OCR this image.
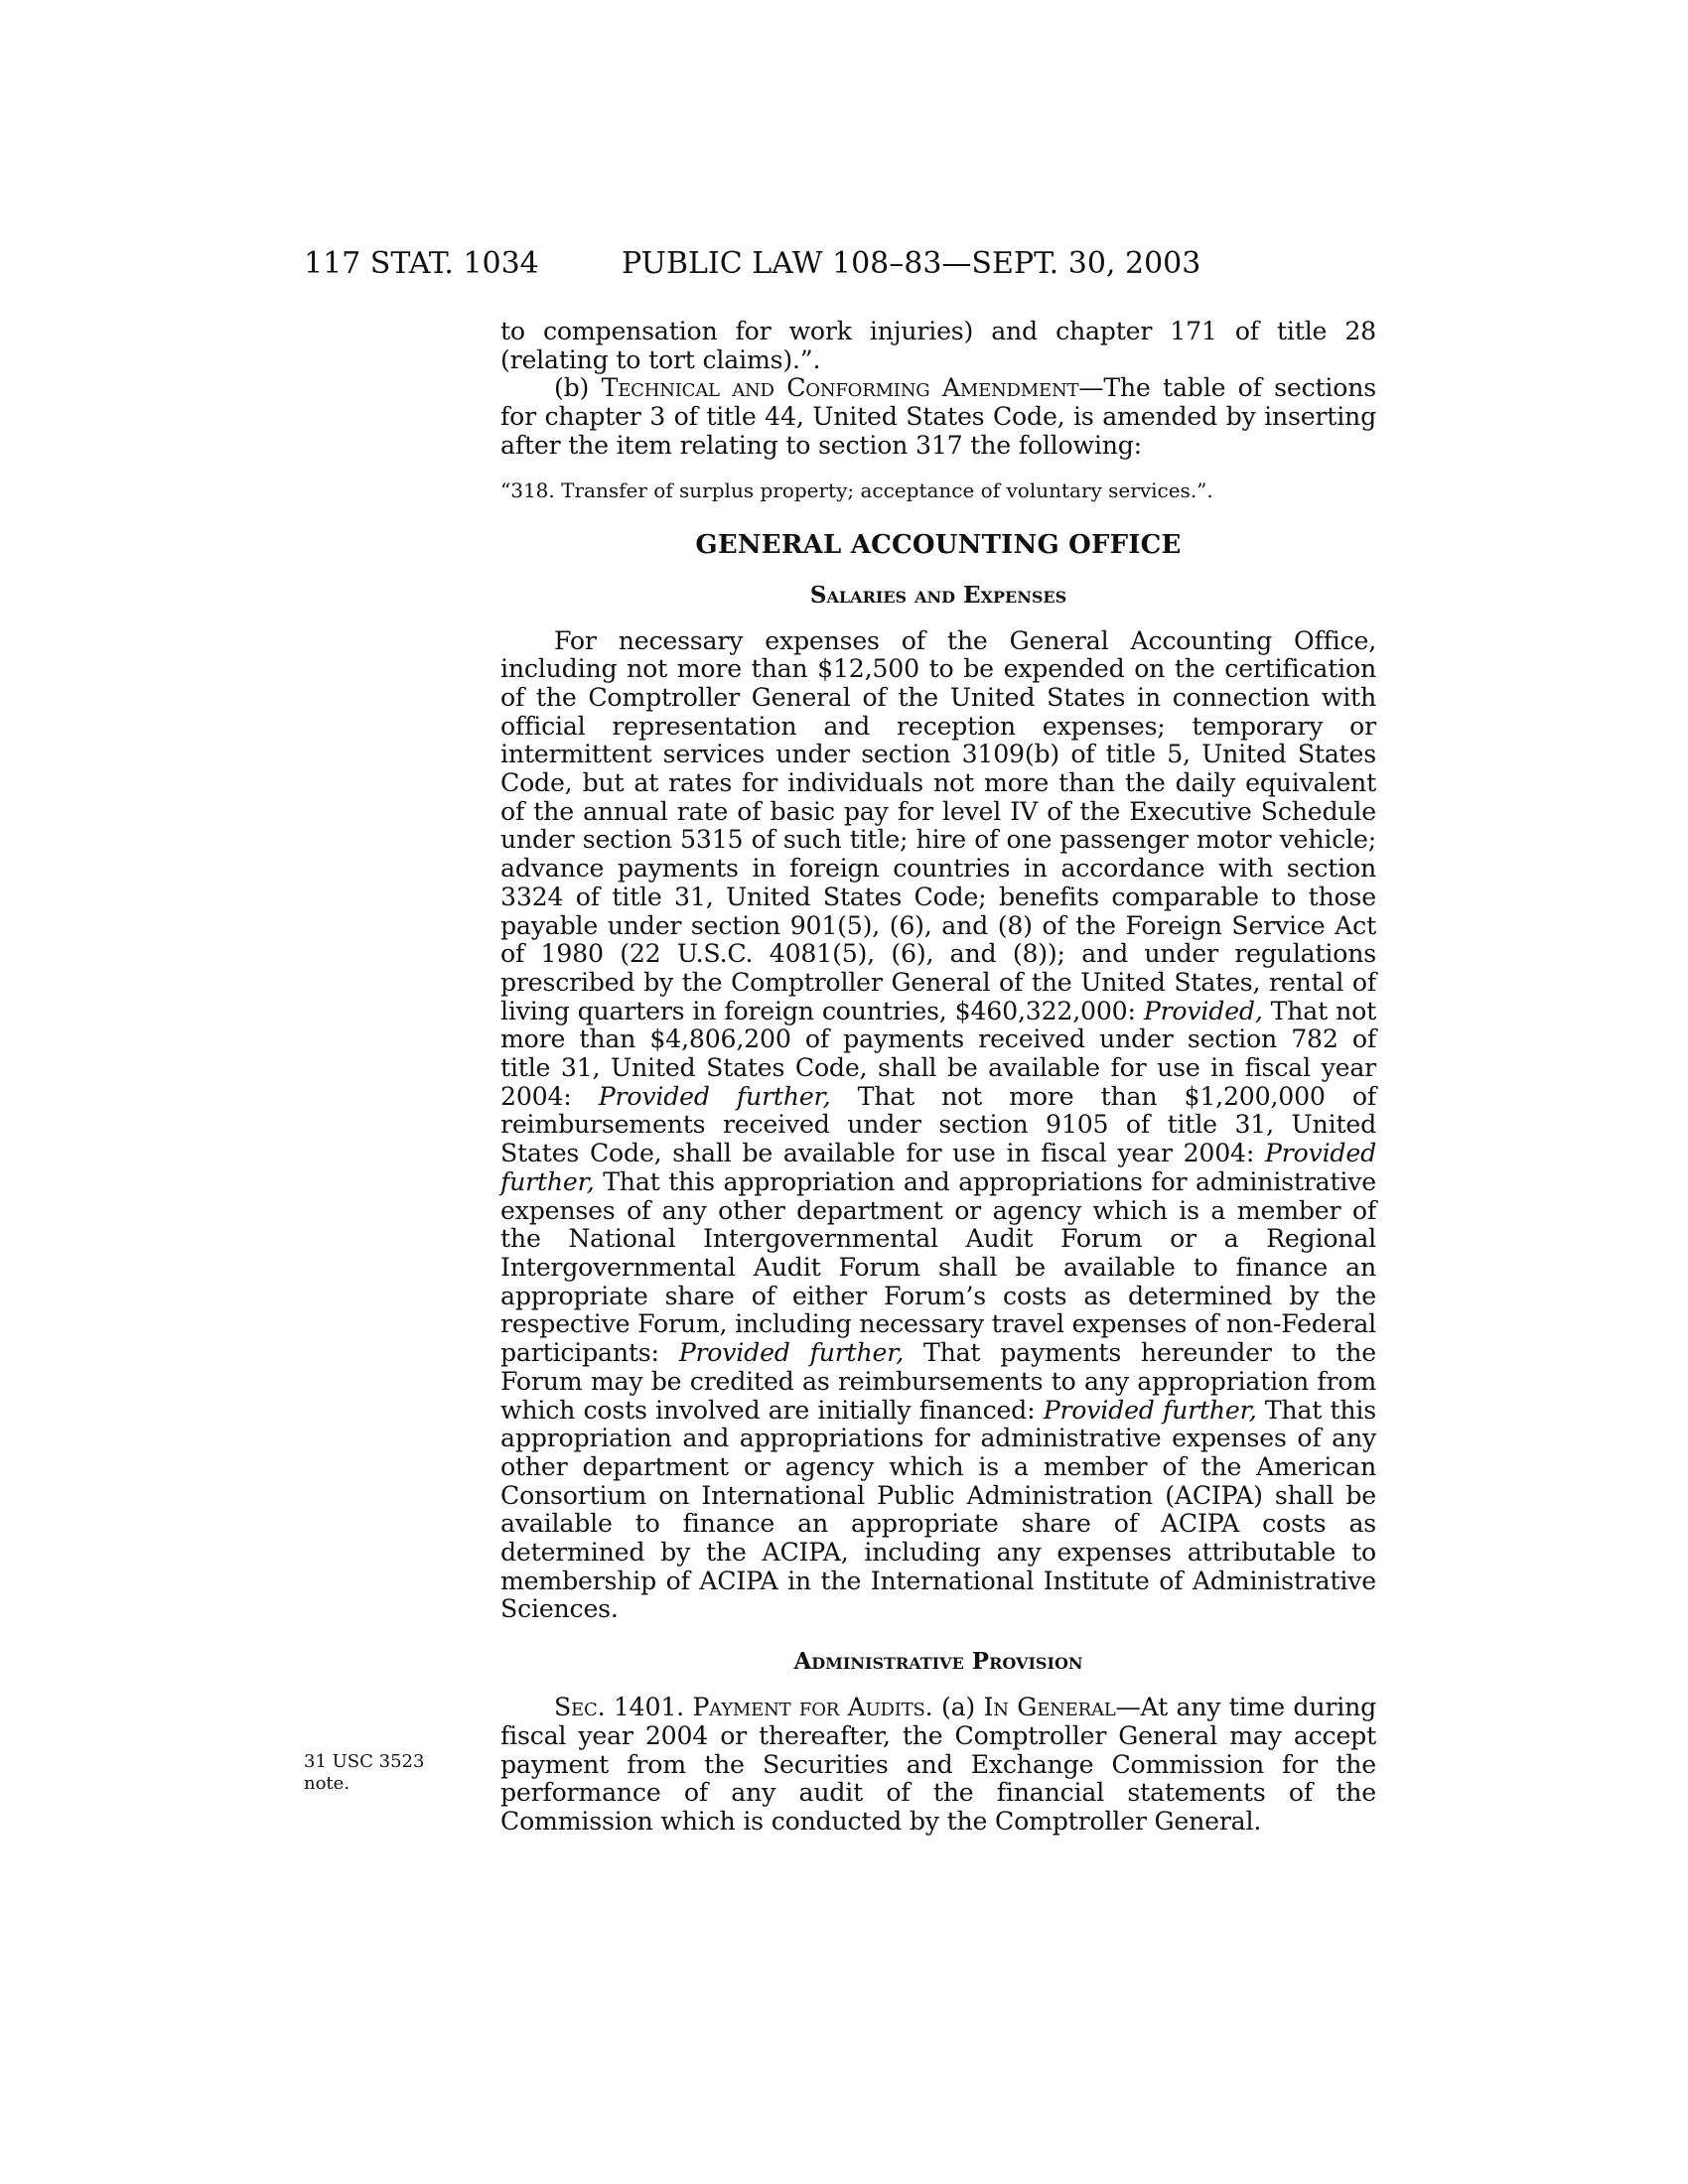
117 STAT. 1034	PUBLIC LAW 108–83—SEPT. 30, 2003

to compensation for work injuries) and chapter 171 of title 28 (relating to tort claims).”.

(b) Technical and Conforming Amendment—The table of sections for chapter 3 of title 44, United States Code, is amended by inserting after the item relating to section 317 the following:

“318. Transfer of surplus property; acceptance of voluntary services.”.

GENERAL ACCOUNTING OFFICE
Salaries and Expenses

For necessary expenses of the General Accounting Office, including not more than $12,500 to be expended on the certification of the Comptroller General of the United States in connection with official representation and reception expenses; temporary or intermittent services under section 3109(b) of title 5, United States Code, but at rates for individuals not more than the daily equivalent of the annual rate of basic pay for level IV of the Executive Schedule under section 5315 of such title; hire of one passenger motor vehicle; advance payments in foreign countries in accordance with section 3324 of title 31, United States Code; benefits comparable to those payable under section 901(5), (6), and (8) of the Foreign Service Act of 1980 (22 U.S.C. 4081(5), (6), and (8)); and under regulations prescribed by the Comptroller General of the United States, rental of living quarters in foreign countries, $460,322,000: Provided, That not more than $4,806,200 of payments received under section 782 of title 31, United States Code, shall be available for use in fiscal year 2004: Provided further, That not more than $1,200,000 of reimbursements received under section 9105 of title 31, United States Code, shall be available for use in fiscal year 2004: Provided further, That this appropriation and appropriations for administrative expenses of any other department or agency which is a member of the National Intergovernmental Audit Forum or a Regional Intergovernmental Audit Forum shall be available to finance an appropriate share of either Forum’s costs as determined by the respective Forum, including necessary travel expenses of non-Federal participants: Provided further, That payments hereunder to the Forum may be credited as reimbursements to any appropriation from which costs involved are initially financed: Provided further, That this appropriation and appropriations for administrative expenses of any other department or agency which is a member of the American Consortium on International Public Administration (ACIPA) shall be available to finance an appropriate share of ACIPA costs as determined by the ACIPA, including any expenses attributable to membership of ACIPA in the International Institute of Administrative Sciences.

Administrative Provision

Sec. 1401. Payment for Audits. (a) In General—At any time during fiscal year 2004 or thereafter, the Comptroller General may accept payment from the Securities and Exchange Commission for the performance of any audit of the financial statements of the Commission which is conducted by the Comptroller General.

31 USC 3523 note.
